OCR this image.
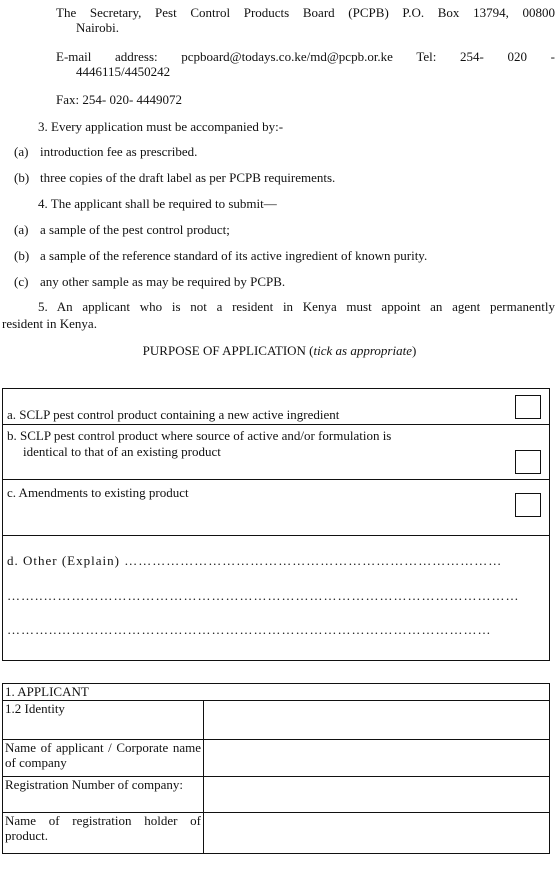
The Secretary, Pest Control Products Board (PCPB) P.O. Box 13794, 00800
Nairobi.
E-mail address: pcpboard@todays.co.ke/md@pcpb.or.ke Tel: 254- 020 -
4446115/4450242
Fax: 254- 020- 4449072
3. Every application must be accompanied by:-
(a) introduction fee as prescribed.
(b) three copies of the draft label as per PCPB requirements.
4. The applicant shall be required to submit—
(a) a sample of the pest control product;
(b) a sample of the reference standard of its active ingredient of known purity.
(c) any other sample as may be required by PCPB.
5. An applicant who is not a resident in Kenya must appoint an agent permanently
resident in Kenya.
PURPOSE OF APPLICATION (tick as appropriate)
a. SCLP pest control product containing a new active ingredient
b. SCLP pest control product where source of active and/or formulation is
identical to that of an existing product
c. Amendments to existing product
d. Other (Explain) ………………………………………………………………………
……..…………………………………………………………………………………………
………..…………………………………………………………………………………
1. APPLICANT	
1.2 Identity	

Name of applicant / Corporate name of company	

Registration Number of company:	

Name of registration holder of product.	
